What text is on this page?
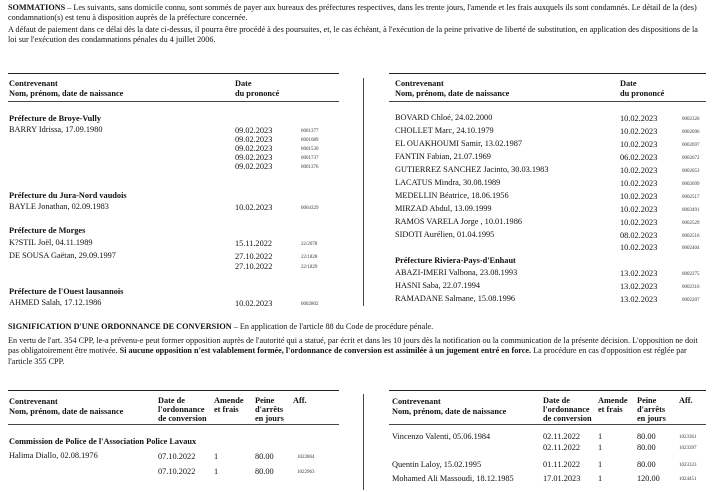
SOMMATIONS – Les suivants, sans domicile connu, sont sommés de payer aux bureaux des préfectures respectives, dans les trente jours, l'amende et les frais auxquels ils sont condamnés. Le détail de la (des) condamnation(s) est tenu à disposition auprès de la préfecture concernée.
A défaut de paiement dans ce délai dès la date ci-dessus, il pourra être procédé à des poursuites, et, le cas échéant, à l'exécution de la peine privative de liberté de substitution, en application des dispositions de la loi sur l'exécution des condamnations pénales du 4 juillet 2006.
Contrevenant
Nom, prénom, date de naissance
Date
du prononcé
Contrevenant
Nom, prénom, date de naissance
Date
du prononcé
Préfecture de Broye-Vully
BARRY Idrissa, 17.09.1980	09.02.2023	0001377
09.02.2023	0001689
09.02.2023	0001530
09.02.2023	0001737
09.02.2023	0001376
Préfecture du Jura-Nord vaudois
BAYLE Jonathan, 02.09.1983	10.02.2023	0004329
Préfecture de Morges
K?STIL Joël, 04.11.1989	15.11.2022	22/2078
DE SOUSA Gaëtan, 29.09.1997	27.10.2022	22/1828
27.10.2022	22/1829
Préfecture de l'Ouest lausannois
AHMED Salah, 17.12.1986	10.02.2023	0002802
BOVARD Chloé, 24.02.2000	10.02.2023	0002326
CHOLLET Marc, 24.10.1979	10.02.2023	0002696
EL OUAKHOUMI Samir, 13.02.1987	10.02.2023	0002697
FANTIN Fabian, 21.07.1969	06.02.2023	0002672
GUTIERREZ SANCHEZ Jacinto, 30.03.1983	10.02.2023	0002653
LACATUS Mindra, 30.08.1989	10.02.2023	0002699
MEDELLIN Béatrice, 18.06.1956	10.02.2023	0002517
MIRZAD Abdul, 13.09.1999	10.02.2023	0003491
RAMOS VARELA Jorge , 10.01.1986	10.02.2023	0002529
SIDOTI Aurélien, 01.04.1995	08.02.2023	0002516
10.02.2023	0002404
Préfecture Riviera-Pays-d'Enhaut
ABAZI-IMERI Valbona, 23.08.1993	13.02.2023	0002275
HASNI Saba, 22.07.1994	13.02.2023	0002316
RAMADANE Salmane, 15.08.1996	13.02.2023	0002207
SIGNIFICATION D'UNE ORDONNANCE DE CONVERSION – En application de l'article 88 du Code de procédure pénale.
En vertu de l'art. 354 CPP, le-a prévenu-e peut former opposition auprès de l'autorité qui a statué, par écrit et dans les 10 jours dès la notification ou la communication de la présente décision. L'opposition ne doit pas obligatoirement être motivée. Si aucune opposition n'est valablement formée, l'ordonnance de conversion est assimilée à un jugement entré en force. La procédure en cas d'opposition est réglée par l'article 355 CPP.
Contrevenant
Nom, prénom, date de naissance
Date de
l'ordonnance
de conversion
Amende
et frais
Peine
d'arrêts
en jours
Aff.	Contrevenant
Nom, prénom, date de naissance
Date de
l'ordonnance
de conversion
Amende
et frais
Peine
d'arrêts
en jours
Aff.
Commission de Police de l'Association Police Lavaux
Halima Diallo, 02.08.1976	07.10.2022 1	80.00	1022864
07.10.2022 1	80.00	1022963
Vincenzo Valenti, 05.06.1984	02.11.2022 1	80.00	1023361
02.11.2022 1	80.00	1023397
Quentin Laloy, 15.02.1995	01.11.2022 1	80.00	1023323
Mohamed Ali Massoudi, 18.12.1985	17.01.2023 1	120.00	1024451
